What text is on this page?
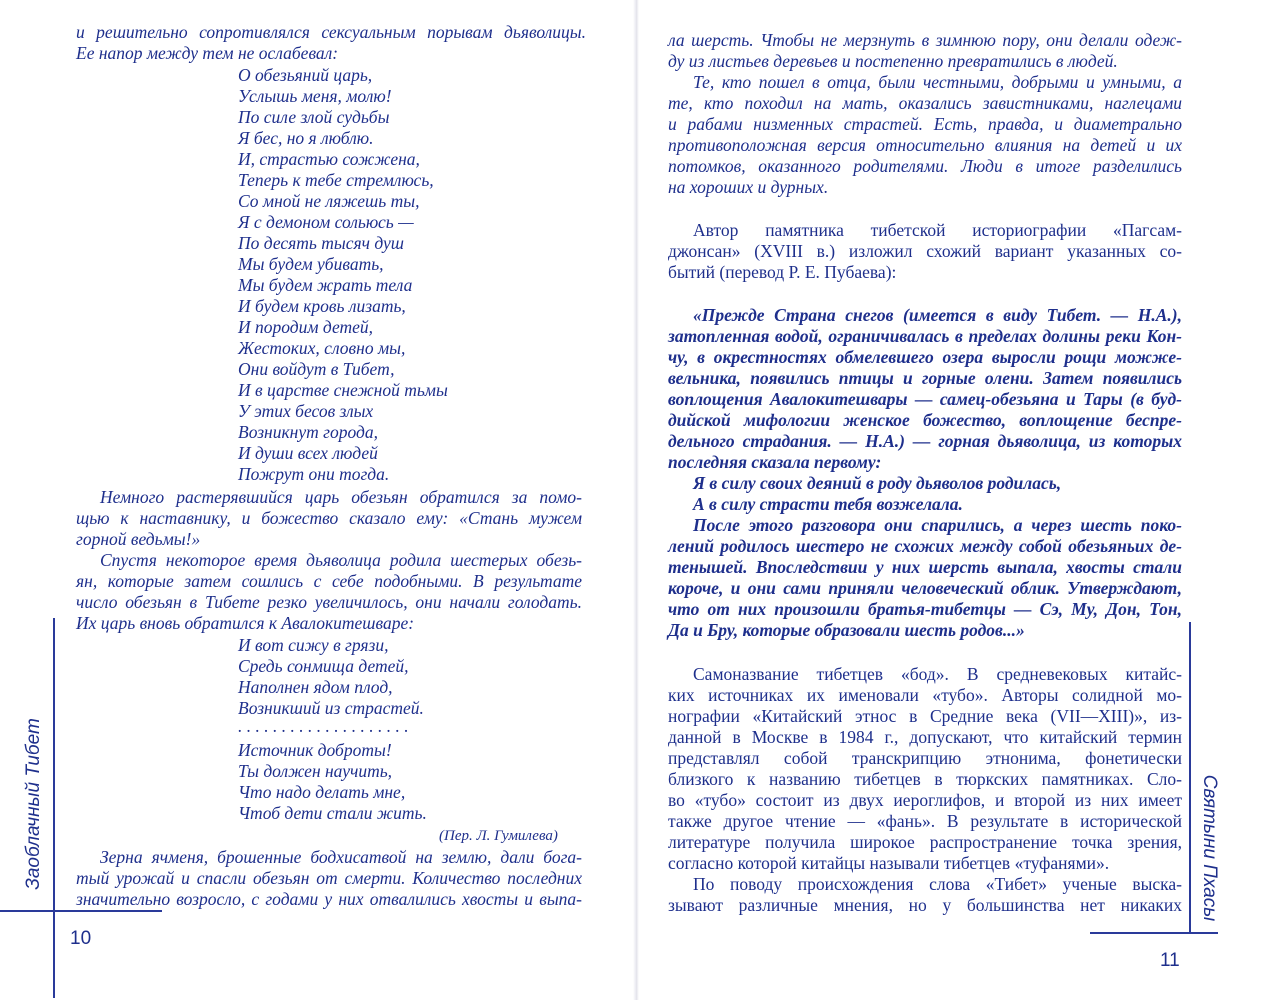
и решительно сопротивлялся сексуальным порывам дьяволицы.
Ее напор между тем не ослабевал:
О обезьяний царь,
Услышь меня, молю!
По силе злой судьбы
Я бес, но я люблю.
И, страстью сожжена,
Теперь к тебе стремлюсь,
Со мной не ляжешь ты,
Я с демоном сольюсь —
По десять тысяч душ
Мы будем убивать,
Мы будем жрать тела
И будем кровь лизать,
И породим детей,
Жестоких, словно мы,
Они войдут в Тибет,
И в царстве снежной тьмы
У этих бесов злых
Возникнут города,
И души всех людей
Пожрут они тогда.
Немного растерявшийся царь обезьян обратился за помо-
щью к наставнику, и божество сказало ему: «Стань мужем
горной ведьмы!»
Спустя некоторое время дьяволица родила шестерых обезь-
ян, которые затем сошлись с себе подобными. В результате
число обезьян в Тибете резко увеличилось, они начали голодать.
Их царь вновь обратился к Авалокитешваре:
И вот сижу в грязи,
Средь сонмища детей,
Наполнен ядом плод,
Возникший из страстей.
. . . . . . . . . . . . . . . . . . . .
Источник доброты!
Ты должен научить,
Что надо делать мне,
Чтоб дети стали жить.
(Пер. Л. Гумилева)
Зерна ячменя, брошенные бодхисатвой на землю, дали бога-
тый урожай и спасли обезьян от смерти. Количество последних
значительно возросло, с годами у них отвалились хвосты и выпа-
Заоблачный Тибет
10
ла шерсть. Чтобы не мерзнуть в зимнюю пору, они делали одеж-
ду из листьев деревьев и постепенно превратились в людей.
Те, кто пошел в отца, были честными, добрыми и умными, а
те, кто походил на мать, оказались завистниками, наглецами
и рабами низменных страстей. Есть, правда, и диаметрально
противоположная версия относительно влияния на детей и их
потомков, оказанного родителями. Люди в итоге разделились
на хороших и дурных.
Автор памятника тибетской историографии «Пагсам-
джонсан» (XVIII в.) изложил схожий вариант указанных со-
бытий (перевод Р. Е. Пубаева):
«Прежде Страна снегов (имеется в виду Тибет. — Н.А.),
затопленная водой, ограничивалась в пределах долины реки Кон-
чу, в окрестностях обмелевшего озера выросли рощи можже-
вельника, появились птицы и горные олени. Затем появились
воплощения Авалокитешвары — самец-обезьяна и Тары (в буд-
дийской мифологии женское божество, воплощение беспре-
дельного страдания. — Н.А.) — горная дьяволица, из которых
последняя сказала первому:
Я в силу своих деяний в роду дьяволов родилась,
А в силу страсти тебя возжелала.
После этого разговора они спарились, а через шесть поко-
лений родилось шестеро не схожих между собой обезьяньих де-
тенышей. Впоследствии у них шерсть выпала, хвосты стали
короче, и они сами приняли человеческий облик. Утверждают,
что от них произошли братья-тибетцы — Сэ, Му, Дон, Тон,
Да и Бру, которые образовали шесть родов...»
Самоназвание тибетцев «бод». В средневековых китайс-
ких источниках их именовали «тубо». Авторы солидной мо-
нографии «Китайский этнос в Средние века (VII—XIII)», из-
данной в Москве в 1984 г., допускают, что китайский термин
представлял собой транскрипцию этнонима, фонетически
близкого к названию тибетцев в тюркских памятниках. Сло-
во «тубо» состоит из двух иероглифов, и второй из них имеет
также другое чтение — «фань». В результате в исторической
литературе получила широкое распространение точка зрения,
согласно которой китайцы называли тибетцев «туфанями».
По поводу происхождения слова «Тибет» ученые выска-
зывают различные мнения, но у большинства нет никаких Святыни Пхасы
11
